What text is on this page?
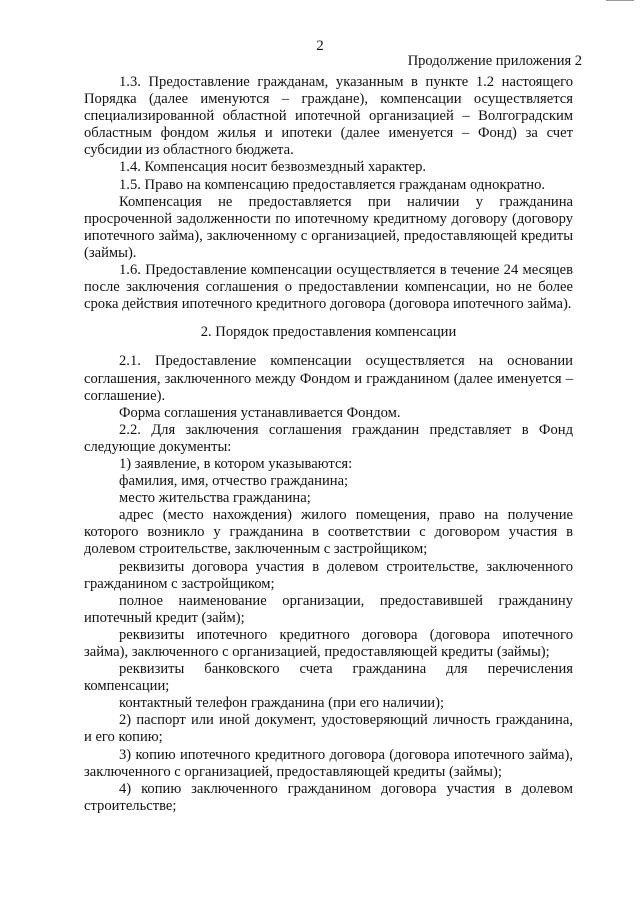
2
Продолжение приложения 2

1.3. Предоставление гражданам, указанным в пункте 1.2 настоящего Порядка (далее именуются – граждане), компенсации осуществляется специализированной областной ипотечной организацией – Волгоградским областным фондом жилья и ипотеки (далее именуется – Фонд) за счет субсидии из областного бюджета.

1.4. Компенсация носит безвозмездный характер.

1.5. Право на компенсацию предоставляется гражданам однократно.

Компенсация не предоставляется при наличии у гражданина просроченной задолженности по ипотечному кредитному договору (договору ипотечного займа), заключенному с организацией, предоставляющей кредиты (займы).

1.6. Предоставление компенсации осуществляется в течение 24 месяцев после заключения соглашения о предоставлении компенсации, но не более срока действия ипотечного кредитного договора (договора ипотечного займа).

2. Порядок предоставления компенсации

2.1. Предоставление компенсации осуществляется на основании соглашения, заключенного между Фондом и гражданином (далее именуется – соглашение).

Форма соглашения устанавливается Фондом.

2.2. Для заключения соглашения гражданин представляет в Фонд следующие документы:

1) заявление, в котором указываются:

фамилия, имя, отчество гражданина;

место жительства гражданина;

адрес (место нахождения) жилого помещения, право на получение которого возникло у гражданина в соответствии с договором участия в долевом строительстве, заключенным с застройщиком;

реквизиты договора участия в долевом строительстве, заключенного гражданином с застройщиком;

полное наименование организации, предоставившей гражданину ипотечный кредит (займ);

реквизиты ипотечного кредитного договора (договора ипотечного займа), заключенного с организацией, предоставляющей кредиты (займы);

реквизиты банковского счета гражданина для перечисления компенсации;

контактный телефон гражданина (при его наличии);

2) паспорт или иной документ, удостоверяющий личность гражданина, и его копию;

3) копию ипотечного кредитного договора (договора ипотечного займа), заключенного с организацией, предоставляющей кредиты (займы);

4) копию заключенного гражданином договора участия в долевом строительстве;
